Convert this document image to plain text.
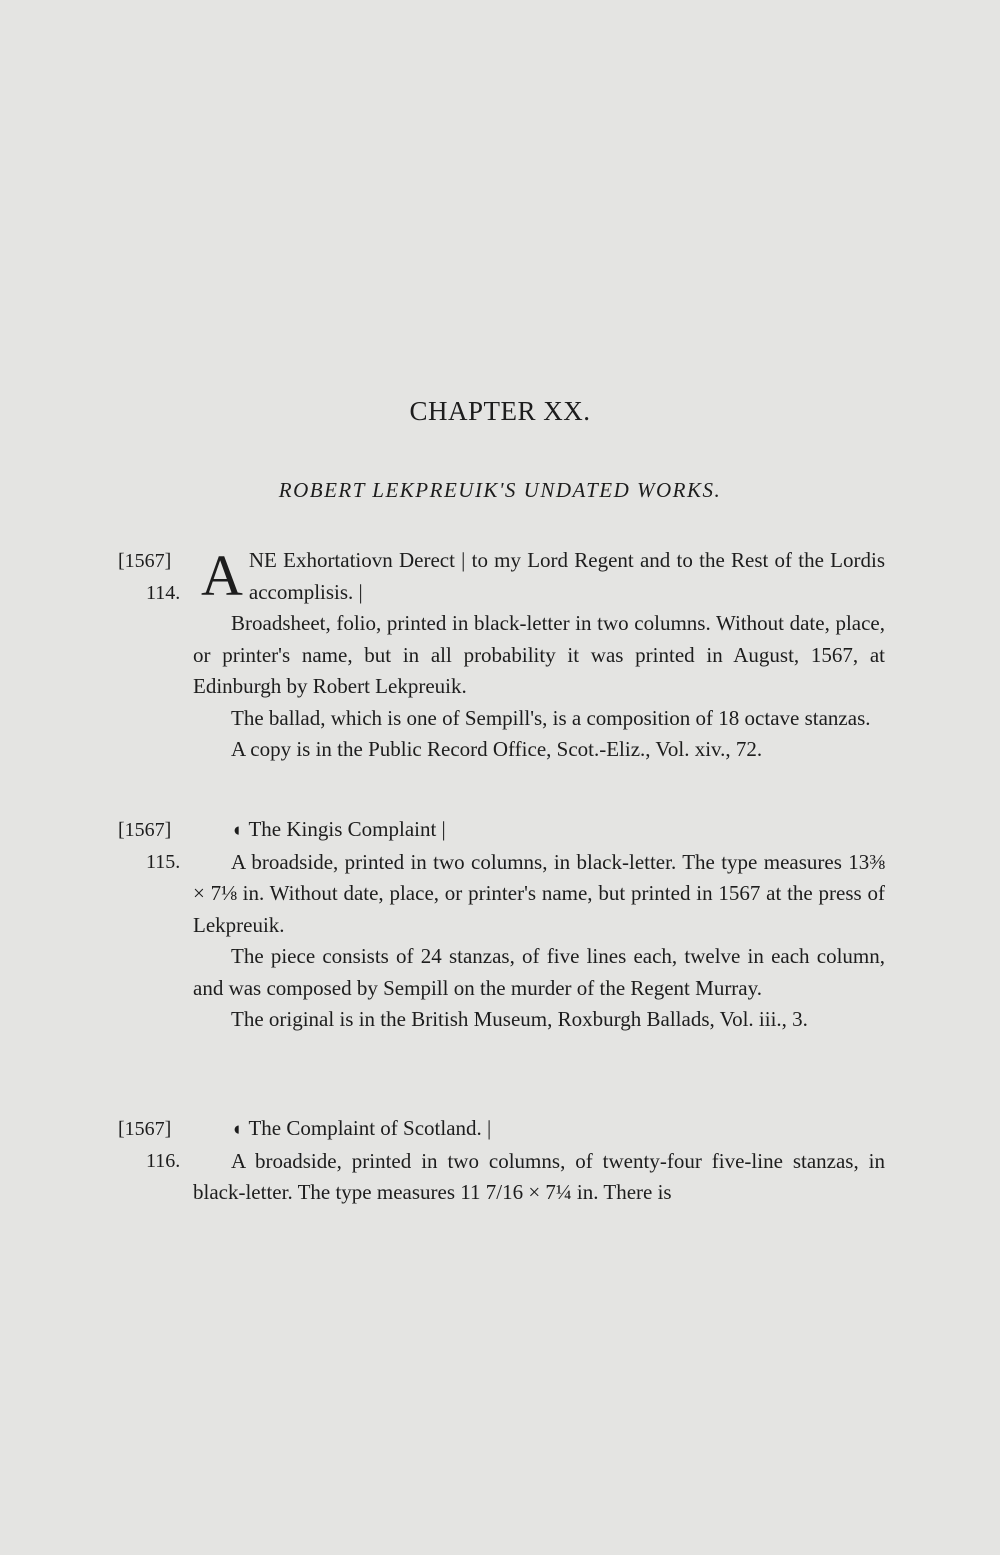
CHAPTER XX.
ROBERT LEKPREUIK'S UNDATED WORKS.
[1567]
114. A NE Exhortatiovn Derect | to my Lord Regent and to the Rest of the Lordis accomplisis. |

Broadsheet, folio, printed in black-letter in two columns. Without date, place, or printer's name, but in all probability it was printed in August, 1567, at Edinburgh by Robert Lekpreuik.

The ballad, which is one of Sempill's, is a composition of 18 octave stanzas.

A copy is in the Public Record Office, Scot.-Eliz., Vol. xiv., 72.

[1567]
115.

◖ The Kingis Complaint |

A broadside, printed in two columns, in black-letter. The type measures 13⅜ × 7⅛ in. Without date, place, or printer's name, but printed in 1567 at the press of Lekpreuik.

The piece consists of 24 stanzas, of five lines each, twelve in each column, and was composed by Sempill on the murder of the Regent Murray.

The original is in the British Museum, Roxburgh Ballads, Vol. iii., 3.

[1567]
116.

◖ The Complaint of Scotland. |

A broadside, printed in two columns, of twenty-four five-line stanzas, in black-letter. The type measures 11 7/16 × 7¼ in. There is
